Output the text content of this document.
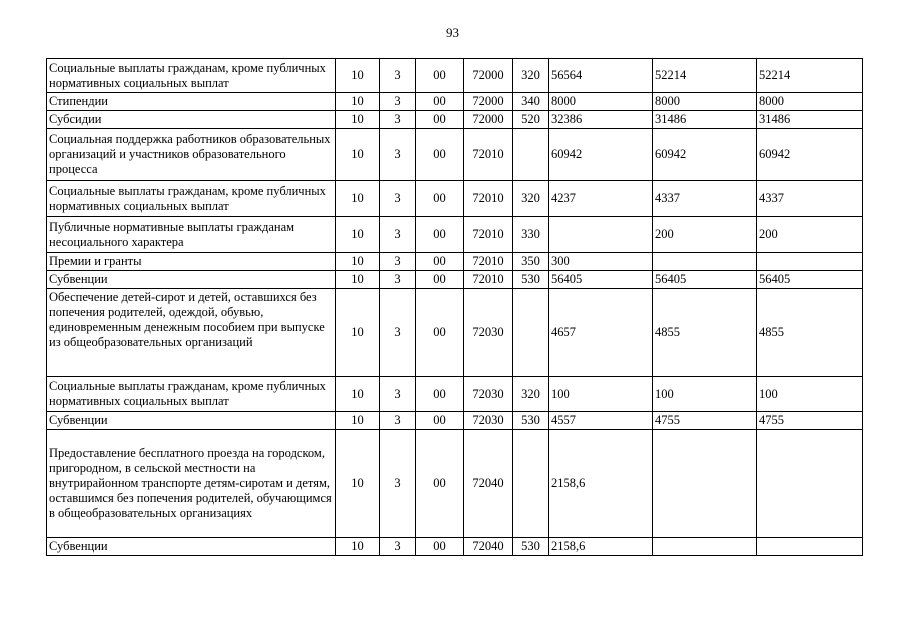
93
Социальные выплаты гражданам, кроме публичных нормативных социальных выплат	10	3	00	72000	320	56564	52214	52214
Стипендии	10	3	00	72000	340	8000	8000	8000
Субсидии	10	3	00	72000	520	32386	31486	31486
Социальная поддержка работников образовательных организаций и участников образовательного процесса	10	3	00	72010		60942	60942	60942
Социальные выплаты гражданам, кроме публичных нормативных социальных выплат	10	3	00	72010	320	4237	4337	4337
Публичные нормативные выплаты гражданам несоциального характера	10	3	00	72010	330		200	200
Премии и гранты	10	3	00	72010	350	300		
Субвенции	10	3	00	72010	530	56405	56405	56405
Обеспечение детей-сирот и детей, оставшихся без попечения родителей, одеждой, обувью, единовременным денежным пособием при выпуске из общеобразовательных организаций	10	3	00	72030		4657	4855	4855
Социальные выплаты гражданам, кроме публичных нормативных социальных выплат	10	3	00	72030	320	100	100	100
Субвенции	10	3	00	72030	530	4557	4755	4755
Предоставление бесплатного проезда на городском, пригородном, в сельской местности на внутрирайонном транспорте детям-сиротам и детям, оставшимся без попечения родителей, обучающимся в общеобразовательных организациях	10	3	00	72040		2158,6		
Субвенции	10	3	00	72040	530	2158,6		
